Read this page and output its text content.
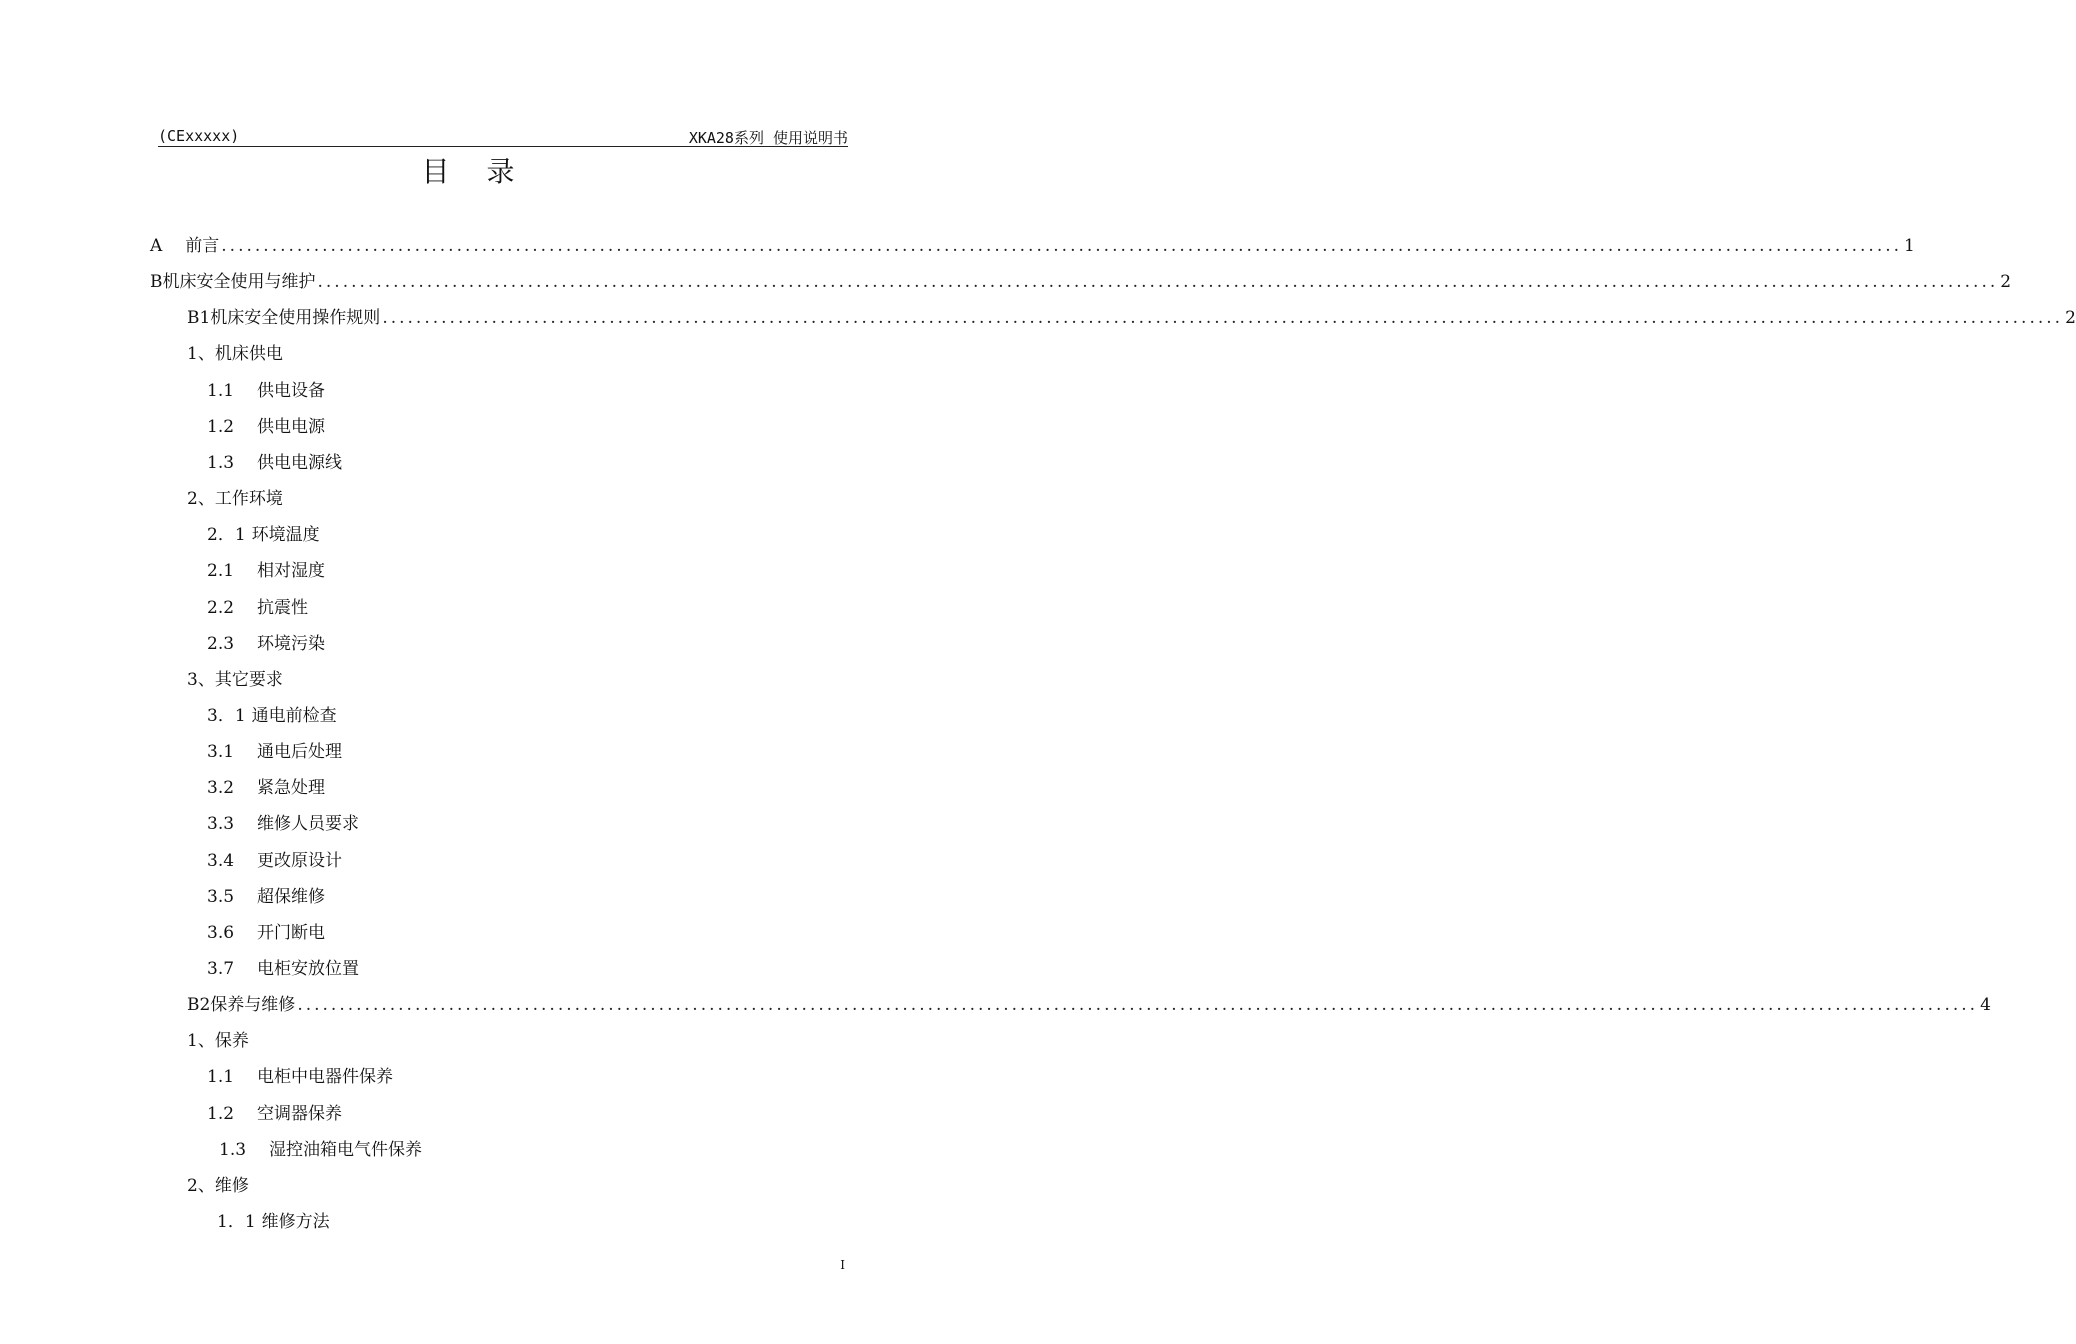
(CExxxxx)	XKA28系列 使用说明书
目 录
A　 前言 ........................................................................................................................................................................................................ 1
B机床安全使用与维护 ........................................................................................................................................................................................................ 2
B1机床安全使用操作规则 ........................................................................................................................................................................................................ 2
1、机床供电
1.1　 供电设备
1.2　 供电电源
1.3　 供电电源线
2、工作环境
2．1 环境温度
2.1　 相对湿度
2.2　 抗震性
2.3　 环境污染
3、其它要求
3．1 通电前检查
3.1　 通电后处理
3.2　 紧急处理
3.3　 维修人员要求
3.4　 更改原设计
3.5　 超保维修
3.6　 开门断电
3.7　 电柜安放位置
B2保养与维修 ........................................................................................................................................................................................................ 4
1、保养
1.1　 电柜中电器件保养
1.2　 空调器保养
1.3　 湿控油箱电气件保养
2、维修
1．1 维修方法
I
